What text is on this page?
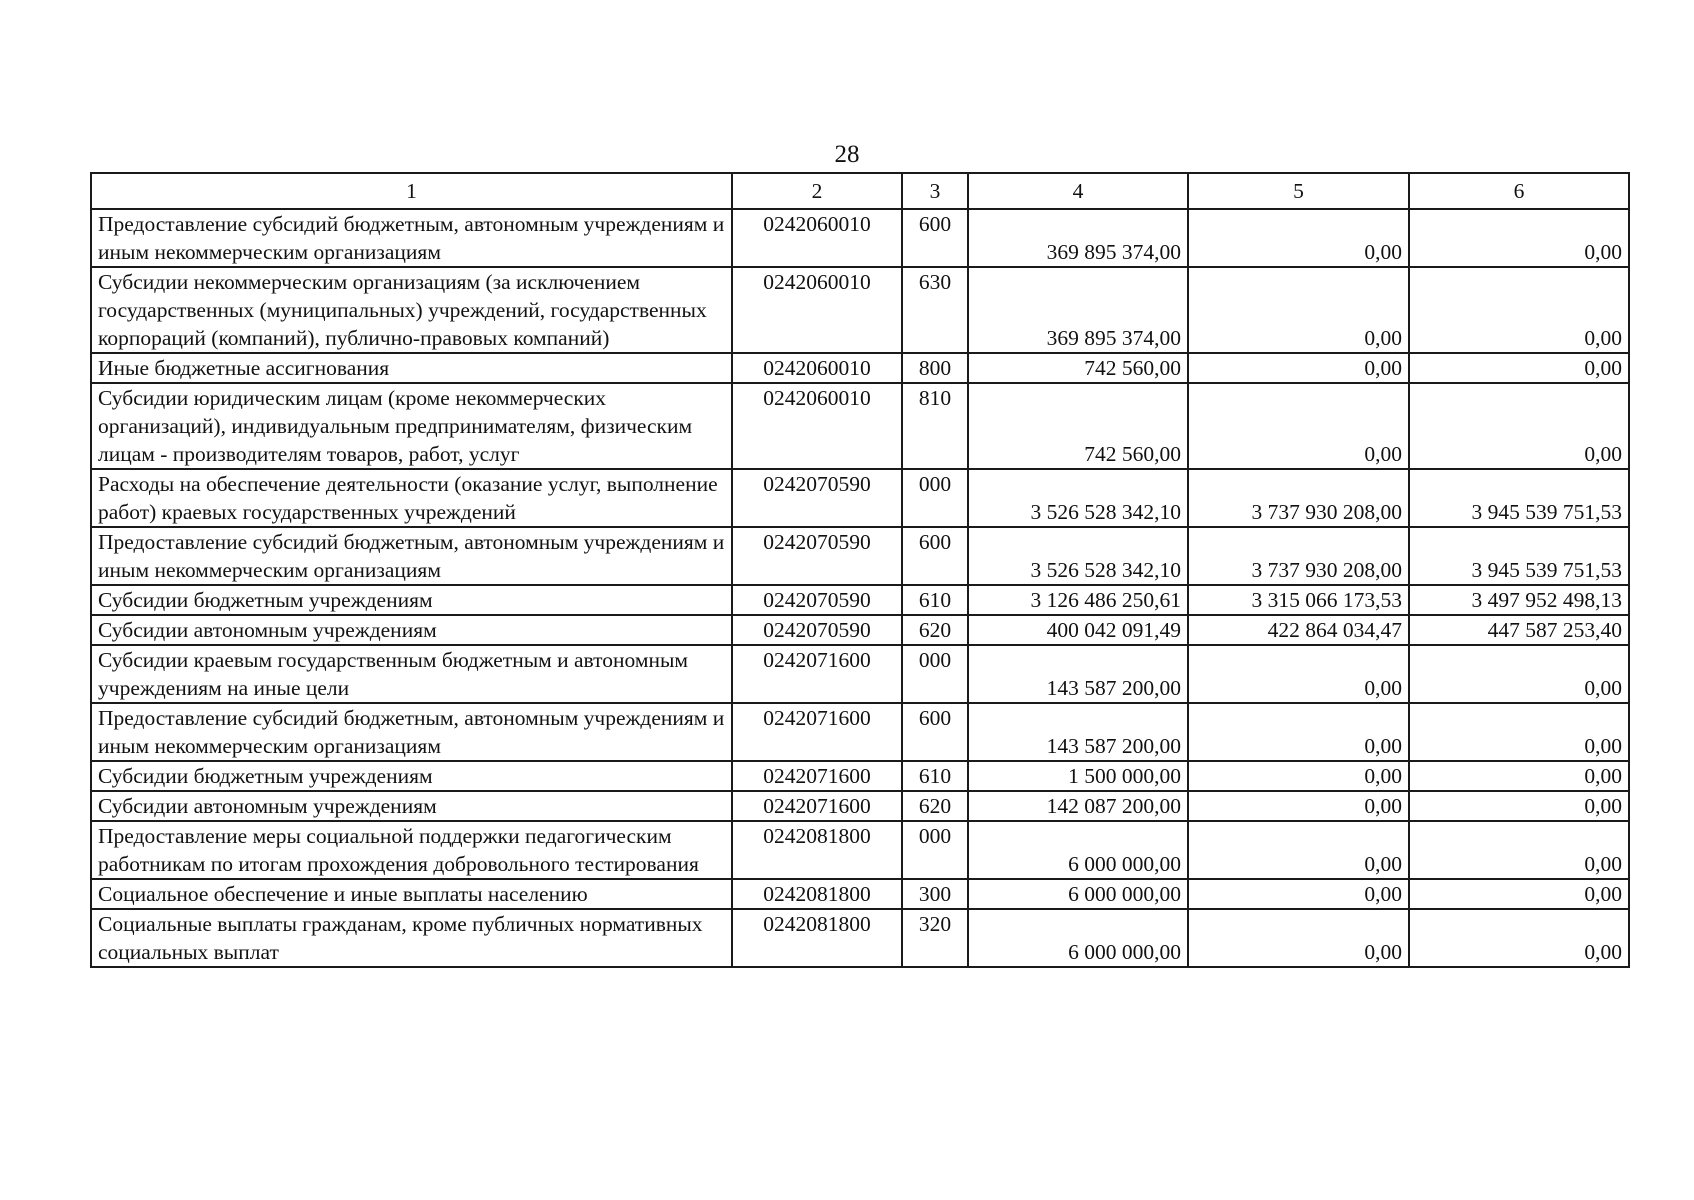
28
1	2	3	4	5	6
Предоставление субсидий бюджетным, автономным учреждениям и иным некоммерческим организациям	0242060010	600	369 895 374,00	0,00	0,00
Субсидии некоммерческим организациям (за исключением государственных (муниципальных) учреждений, государственных корпораций (компаний), публично-правовых компаний)	0242060010	630	369 895 374,00	0,00	0,00
Иные бюджетные ассигнования	0242060010	800	742 560,00	0,00	0,00
Субсидии юридическим лицам (кроме некоммерческих организаций), индивидуальным предпринимателям, физическим лицам - производителям товаров, работ, услуг	0242060010	810	742 560,00	0,00	0,00
Расходы на обеспечение деятельности (оказание услуг, выполнение работ) краевых государственных учреждений	0242070590	000	3 526 528 342,10	3 737 930 208,00	3 945 539 751,53
Предоставление субсидий бюджетным, автономным учреждениям и иным некоммерческим организациям	0242070590	600	3 526 528 342,10	3 737 930 208,00	3 945 539 751,53
Субсидии бюджетным учреждениям	0242070590	610	3 126 486 250,61	3 315 066 173,53	3 497 952 498,13
Субсидии автономным учреждениям	0242070590	620	400 042 091,49	422 864 034,47	447 587 253,40
Субсидии краевым государственным бюджетным и автономным учреждениям на иные цели	0242071600	000	143 587 200,00	0,00	0,00
Предоставление субсидий бюджетным, автономным учреждениям и иным некоммерческим организациям	0242071600	600	143 587 200,00	0,00	0,00
Субсидии бюджетным учреждениям	0242071600	610	1 500 000,00	0,00	0,00
Субсидии автономным учреждениям	0242071600	620	142 087 200,00	0,00	0,00
Предоставление меры социальной поддержки педагогическим работникам по итогам прохождения добровольного тестирования	0242081800	000	6 000 000,00	0,00	0,00
Социальное обеспечение и иные выплаты населению	0242081800	300	6 000 000,00	0,00	0,00
Социальные выплаты гражданам, кроме публичных нормативных социальных выплат	0242081800	320	6 000 000,00	0,00	0,00
